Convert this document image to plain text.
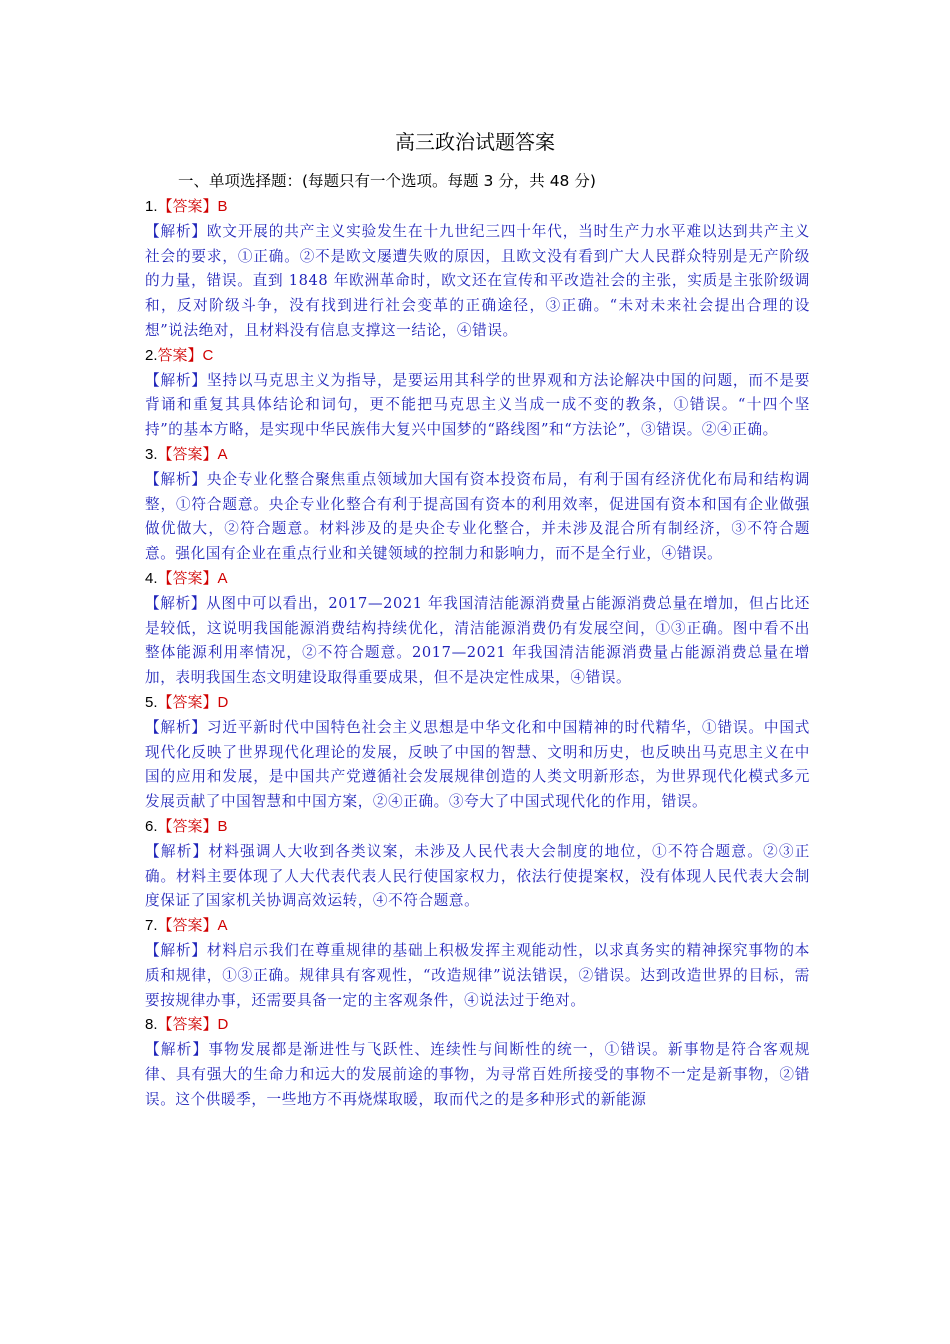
高三政治试题答案
一、单项选择题：(每题只有一个选项。每题 3 分，共 48 分)
1.【答案】B
【解析】欧文开展的共产主义实验发生在十九世纪三四十年代，当时生产力水平难以达到共产主义社会的要求，①正确。②不是欧文屡遭失败的原因，且欧文没有看到广大人民群众特别是无产阶级的力量，错误。直到 1848 年欧洲革命时，欧文还在宣传和平改造社会的主张，实质是主张阶级调和，反对阶级斗争，没有找到进行社会变革的正确途径，③正确。“未对未来社会提出合理的设想”说法绝对，且材料没有信息支撑这一结论，④错误。
2.答案】C
【解析】坚持以马克思主义为指导，是要运用其科学的世界观和方法论解决中国的问题，而不是要背诵和重复其具体结论和词句，更不能把马克思主义当成一成不变的教条，①错误。“十四个坚持”的基本方略，是实现中华民族伟大复兴中国梦的“路线图”和“方法论”，③错误。②④正确。
3.【答案】A
【解析】央企专业化整合聚焦重点领域加大国有资本投资布局，有利于国有经济优化布局和结构调整，①符合题意。央企专业化整合有利于提高国有资本的利用效率，促进国有资本和国有企业做强做优做大，②符合题意。材料涉及的是央企专业化整合，并未涉及混合所有制经济，③不符合题意。强化国有企业在重点行业和关键领域的控制力和影响力，而不是全行业，④错误。
4.【答案】A
【解析】从图中可以看出，2017—2021 年我国清洁能源消费量占能源消费总量在增加，但占比还是较低，这说明我国能源消费结构持续优化，清洁能源消费仍有发展空间，①③正确。图中看不出整体能源利用率情况，②不符合题意。2017—2021 年我国清洁能源消费量占能源消费总量在增加，表明我国生态文明建设取得重要成果，但不是决定性成果，④错误。
5.【答案】D
【解析】习近平新时代中国特色社会主义思想是中华文化和中国精神的时代精华，①错误。中国式现代化反映了世界现代化理论的发展，反映了中国的智慧、文明和历史，也反映出马克思主义在中国的应用和发展，是中国共产党遵循社会发展规律创造的人类文明新形态，为世界现代化模式多元发展贡献了中国智慧和中国方案，②④正确。③夸大了中国式现代化的作用，错误。
6.【答案】B
【解析】材料强调人大收到各类议案，未涉及人民代表大会制度的地位，①不符合题意。②③正确。材料主要体现了人大代表代表人民行使国家权力，依法行使提案权，没有体现人民代表大会制度保证了国家机关协调高效运转，④不符合题意。
7.【答案】A
【解析】材料启示我们在尊重规律的基础上积极发挥主观能动性，以求真务实的精神探究事物的本质和规律，①③正确。规律具有客观性，“改造规律”说法错误，②错误。达到改造世界的目标，需要按规律办事，还需要具备一定的主客观条件，④说法过于绝对。
8.【答案】D
【解析】事物发展都是渐进性与飞跃性、连续性与间断性的统一，①错误。新事物是符合客观规律、具有强大的生命力和远大的发展前途的事物，为寻常百姓所接受的事物不一定是新事物，②错误。这个供暖季，一些地方不再烧煤取暖，取而代之的是多种形式的新能源
